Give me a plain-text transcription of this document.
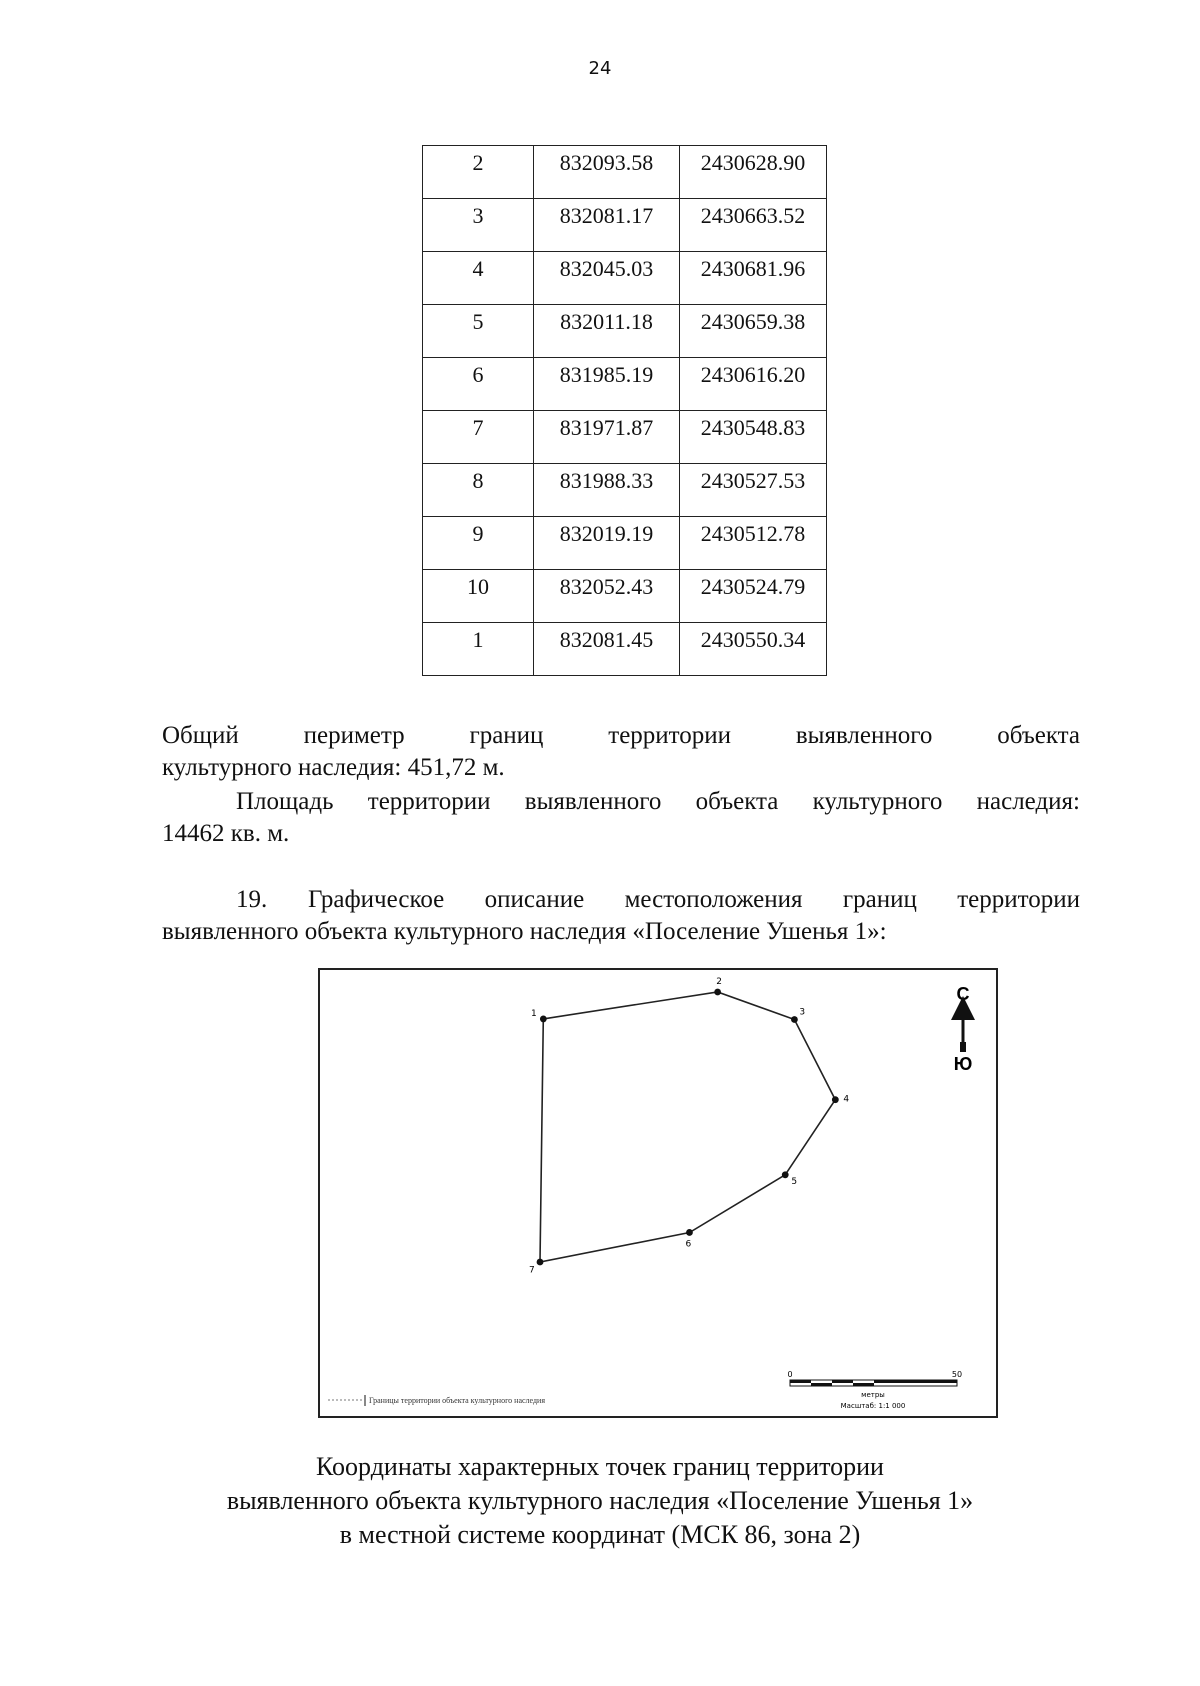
24
2	832093.58	2430628.90
3	832081.17	2430663.52
4	832045.03	2430681.96
5	832011.18	2430659.38
6	831985.19	2430616.20
7	831971.87	2430548.83
8	831988.33	2430527.53
9	832019.19	2430512.78
10	832052.43	2430524.79
1	832081.45	2430550.34

Общий периметр границ территории выявленного объекта

культурного наследия: 451,72 м.

Площадь территории выявленного объекта культурного наследия:

14462 кв. м.

19. Графическое описание местоположения границ территории

выявленного объекта культурного наследия «Поселение Ушенья 1»:

1
2
3
4
5
6
7
С
Ю
0	50
метры
Масштаб: 1:1 000
Границы территории объекта культурного наследия
Координаты характерных точек границ территории
выявленного объекта культурного наследия «Поселение Ушенья 1»
в местной системе координат (МСК 86, зона 2)
